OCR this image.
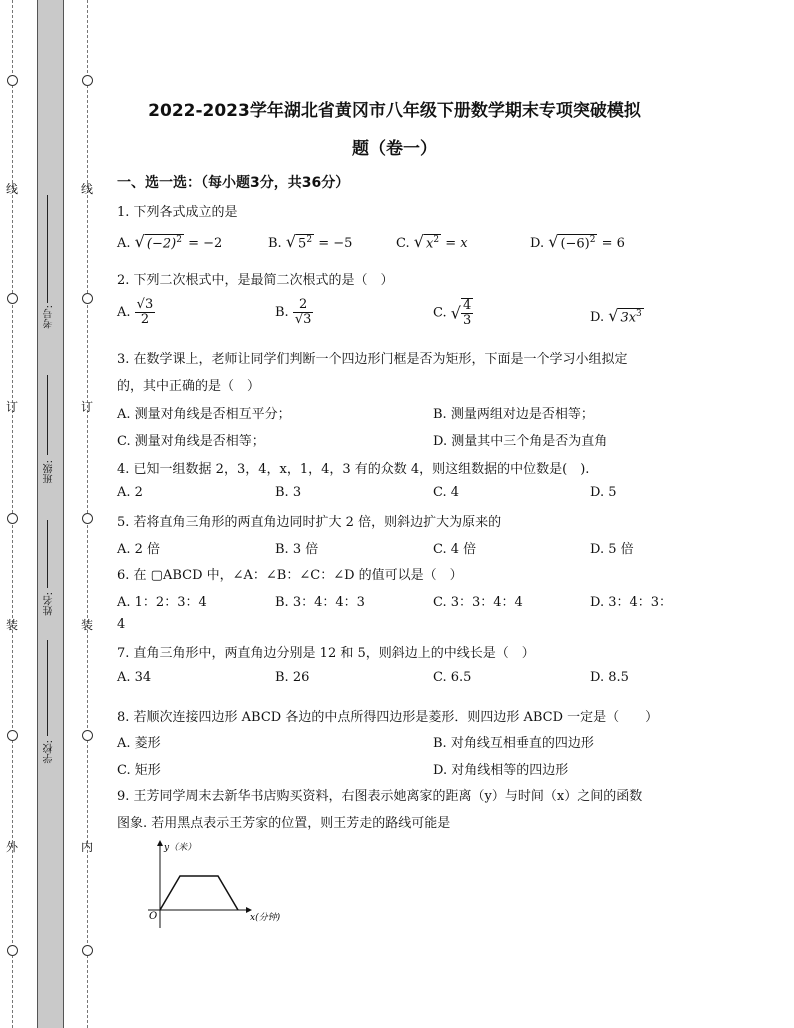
线
订
装
外
线
订
装
内
考号:
班级:
姓名:
学校:
2022-2023学年湖北省黄冈市八年级下册数学期末专项突破模拟
题（卷一）
一、选一选：（每小题3分，共36分）
1. 下列各式成立的是
A. √ $(-2)^2 = -2$	B. √ $5^2 = -5$	C. √ $x^2 = x$	D. √ $(-6)^2 = 6$
2. 下列二次根式中，是最简二次根式的是（　）
A. $\frac{√3}{2}$	B. $\frac{2}{√3}$	C. √ $\frac{4}{3}$	D. √ $3x^3$
3. 在数学课上，老师让同学们判断一个四边形门框是否为矩形，下面是一个学习小组拟定
的，其中正确的是（　）
A. 测量对角线是否相互平分；	B. 测量两组对边是否相等；
C. 测量对角线是否相等；	D. 测量其中三个角是否为直角
4. 已知一组数据 2，3，4，x，1，4，3 有的众数 4，则这组数据的中位数是(　).
A. 2	B. 3	C. 4	D. 5
5. 若将直角三角形的两直角边同时扩大 2 倍，则斜边扩大为原来的
A. 2 倍	B. 3 倍	C. 4 倍	D. 5 倍
6. 在 ▢ABCD 中，∠A：∠B：∠C：∠D 的值可以是（　）
A. 1：2：3：4	B. 3：4：4：3	C. 3：3：4：4	D. 3：4：3：
4
7. 直角三角形中，两直角边分别是 12 和 5，则斜边上的中线长是（　）
A. 34	B. 26	C. 6.5	D. 8.5
8. 若顺次连接四边形 ABCD 各边的中点所得四边形是菱形．则四边形 ABCD 一定是（　　）
A. 菱形	B. 对角线互相垂直的四边形
C. 矩形	D. 对角线相等的四边形
9. 王芳同学周末去新华书店购买资料，右图表示她离家的距离（y）与时间（x）之间的函数
图象. 若用黑点表示王芳家的位置，则王芳走的路线可能是
y（米）
x(分钟)
O
